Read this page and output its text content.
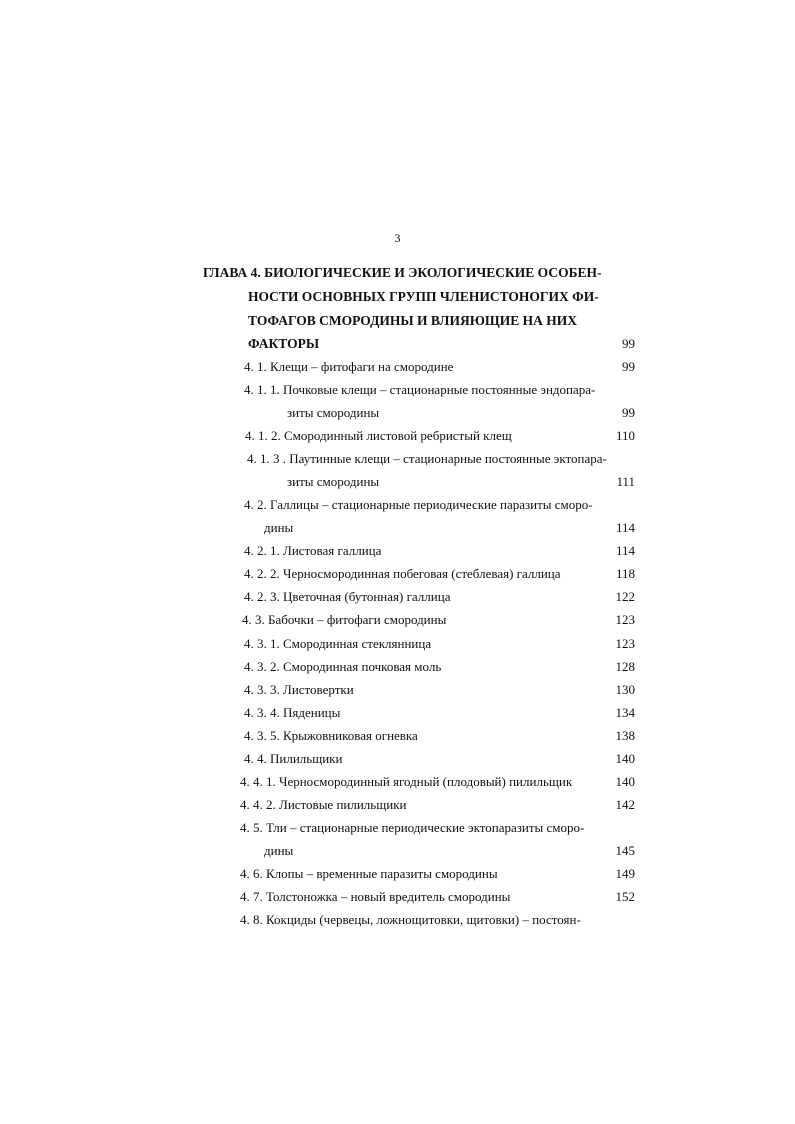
3
ГЛАВА 4. БИОЛОГИЧЕСКИЕ И ЭКОЛОГИЧЕСКИЕ ОСОБЕН-
НОСТИ ОСНОВНЫХ ГРУПП ЧЛЕНИСТОНОГИХ ФИ-
ТОФАГОВ СМОРОДИНЫ И ВЛИЯЮЩИЕ НА НИХ
ФАКТОРЫ	99
4. 1. Клещи – фитофаги на смородине	99
4. 1. 1. Почковые клещи – стационарные постоянные эндопара-
зиты смородины	99
4. 1. 2. Смородинный листовой ребристый клещ	110
4. 1. 3 . Паутинные клещи – стационарные постоянные эктопара-
зиты смородины	111
4. 2. Галлицы – стационарные периодические паразиты сморо-
дины	114
4. 2. 1. Листовая галлица	114
4. 2. 2. Черносмородинная побеговая (стеблевая) галлица	118
4. 2. 3. Цветочная (бутонная) галлица	122
4. 3. Бабочки – фитофаги смородины	123
4. 3. 1. Смородинная стеклянница	123
4. 3. 2. Смородинная почковая моль	128
4. 3. 3. Листовертки	130
4. 3. 4. Пяденицы	134
4. 3. 5. Крыжовниковая огневка	138
4. 4. Пилильщики	140
4. 4. 1. Черносмородинный ягодный (плодовый) пилильщик	140
4. 4. 2. Листовые пилильщики	142
4. 5. Тли – стационарные периодические эктопаразиты сморо-
дины	145
4. 6. Клопы – временные паразиты смородины	149
4. 7. Толстоножка – новый вредитель смородины	152
4. 8. Кокциды (червецы, ложнощитовки, щитовки) – постоян-
